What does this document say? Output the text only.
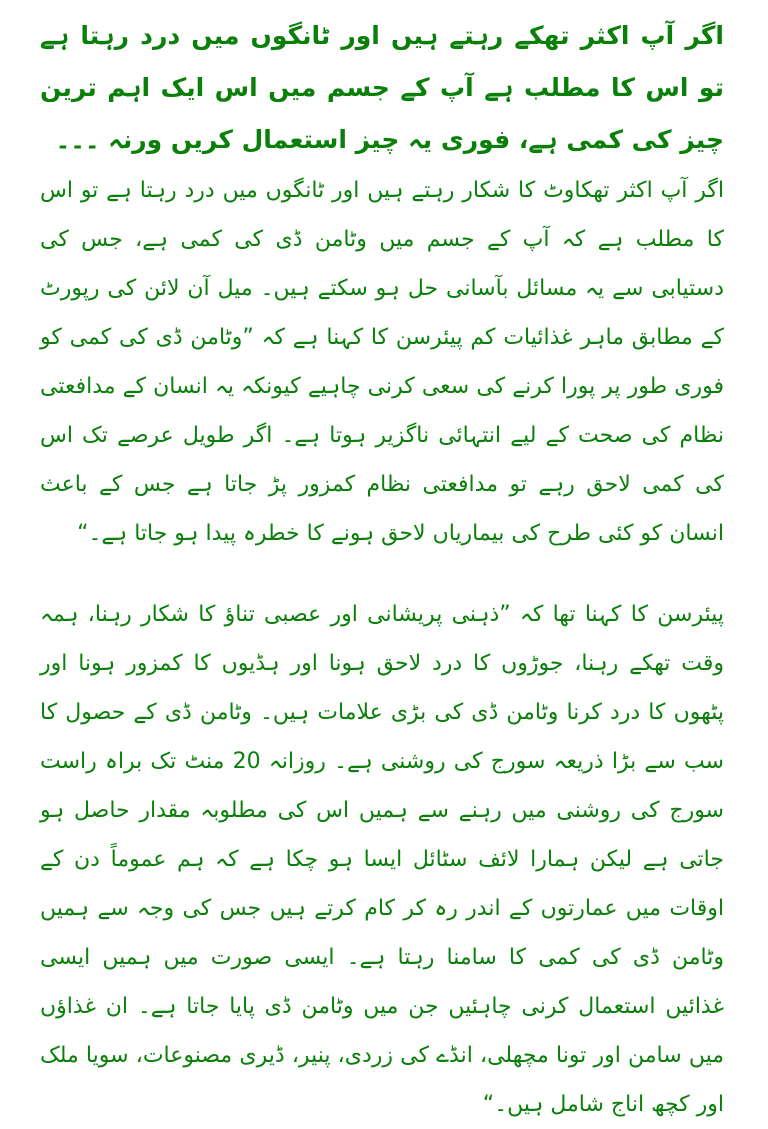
اگر آپ اکثر تھکے رہتے ہیں اور ٹانگوں میں درد رہتا ہے تو اس کا مطلب ہے آپ کے جسم میں اس ایک اہم ترین چیز کی کمی ہے، فوری یہ چیز استعمال کریں ورنہ ۔۔۔

اگر آپ اکثر تھکاوٹ کا شکار رہتے ہیں اور ٹانگوں میں درد رہتا ہے تو اس کا مطلب ہے کہ آپ کے جسم میں وٹامن ڈی کی کمی ہے، جس کی دستیابی سے یہ مسائل بآسانی حل ہو سکتے ہیں۔ میل آن لائن کی رپورٹ کے مطابق ماہر غذائیات کم پیئرسن کا کہنا ہے کہ ”وٹامن ڈی کی کمی کو فوری طور پر پورا کرنے کی سعی کرنی چاہیے کیونکہ یہ انسان کے مدافعتی نظام کی صحت کے لیے انتہائی ناگزیر ہوتا ہے۔ اگر طویل عرصے تک اس کی کمی لاحق رہے تو مدافعتی نظام کمزور پڑ جاتا ہے جس کے باعث انسان کو کئی طرح کی بیماریاں لاحق ہونے کا خطرہ پیدا ہو جاتا ہے۔“

پیئرسن کا کہنا تھا کہ ”ذہنی پریشانی اور عصبی تناﺅ کا شکار رہنا، ہمہ وقت تھکے رہنا، جوڑوں کا درد لاحق ہونا اور ہڈیوں کا کمزور ہونا اور پٹھوں کا درد کرنا وٹامن ڈی کی بڑی علامات ہیں۔ وٹامن ڈی کے حصول کا سب سے بڑا ذریعہ سورج کی روشنی ہے۔ روزانہ 20 منٹ تک براہ راست سورج کی روشنی میں رہنے سے ہمیں اس کی مطلوبہ مقدار حاصل ہو جاتی ہے لیکن ہمارا لائف سٹائل ایسا ہو چکا ہے کہ ہم عموماً دن کے اوقات میں عمارتوں کے اندر رہ کر کام کرتے ہیں جس کی وجہ سے ہمیں وٹامن ڈی کی کمی کا سامنا رہتا ہے۔ ایسی صورت میں ہمیں ایسی غذائیں استعمال کرنی چاہئیں جن میں وٹامن ڈی پایا جاتا ہے۔ ان غذاﺅں میں سامن اور تونا مچھلی، انڈے کی زردی، پنیر، ڈیری مصنوعات، سویا ملک اور کچھ اناج شامل ہیں۔“
